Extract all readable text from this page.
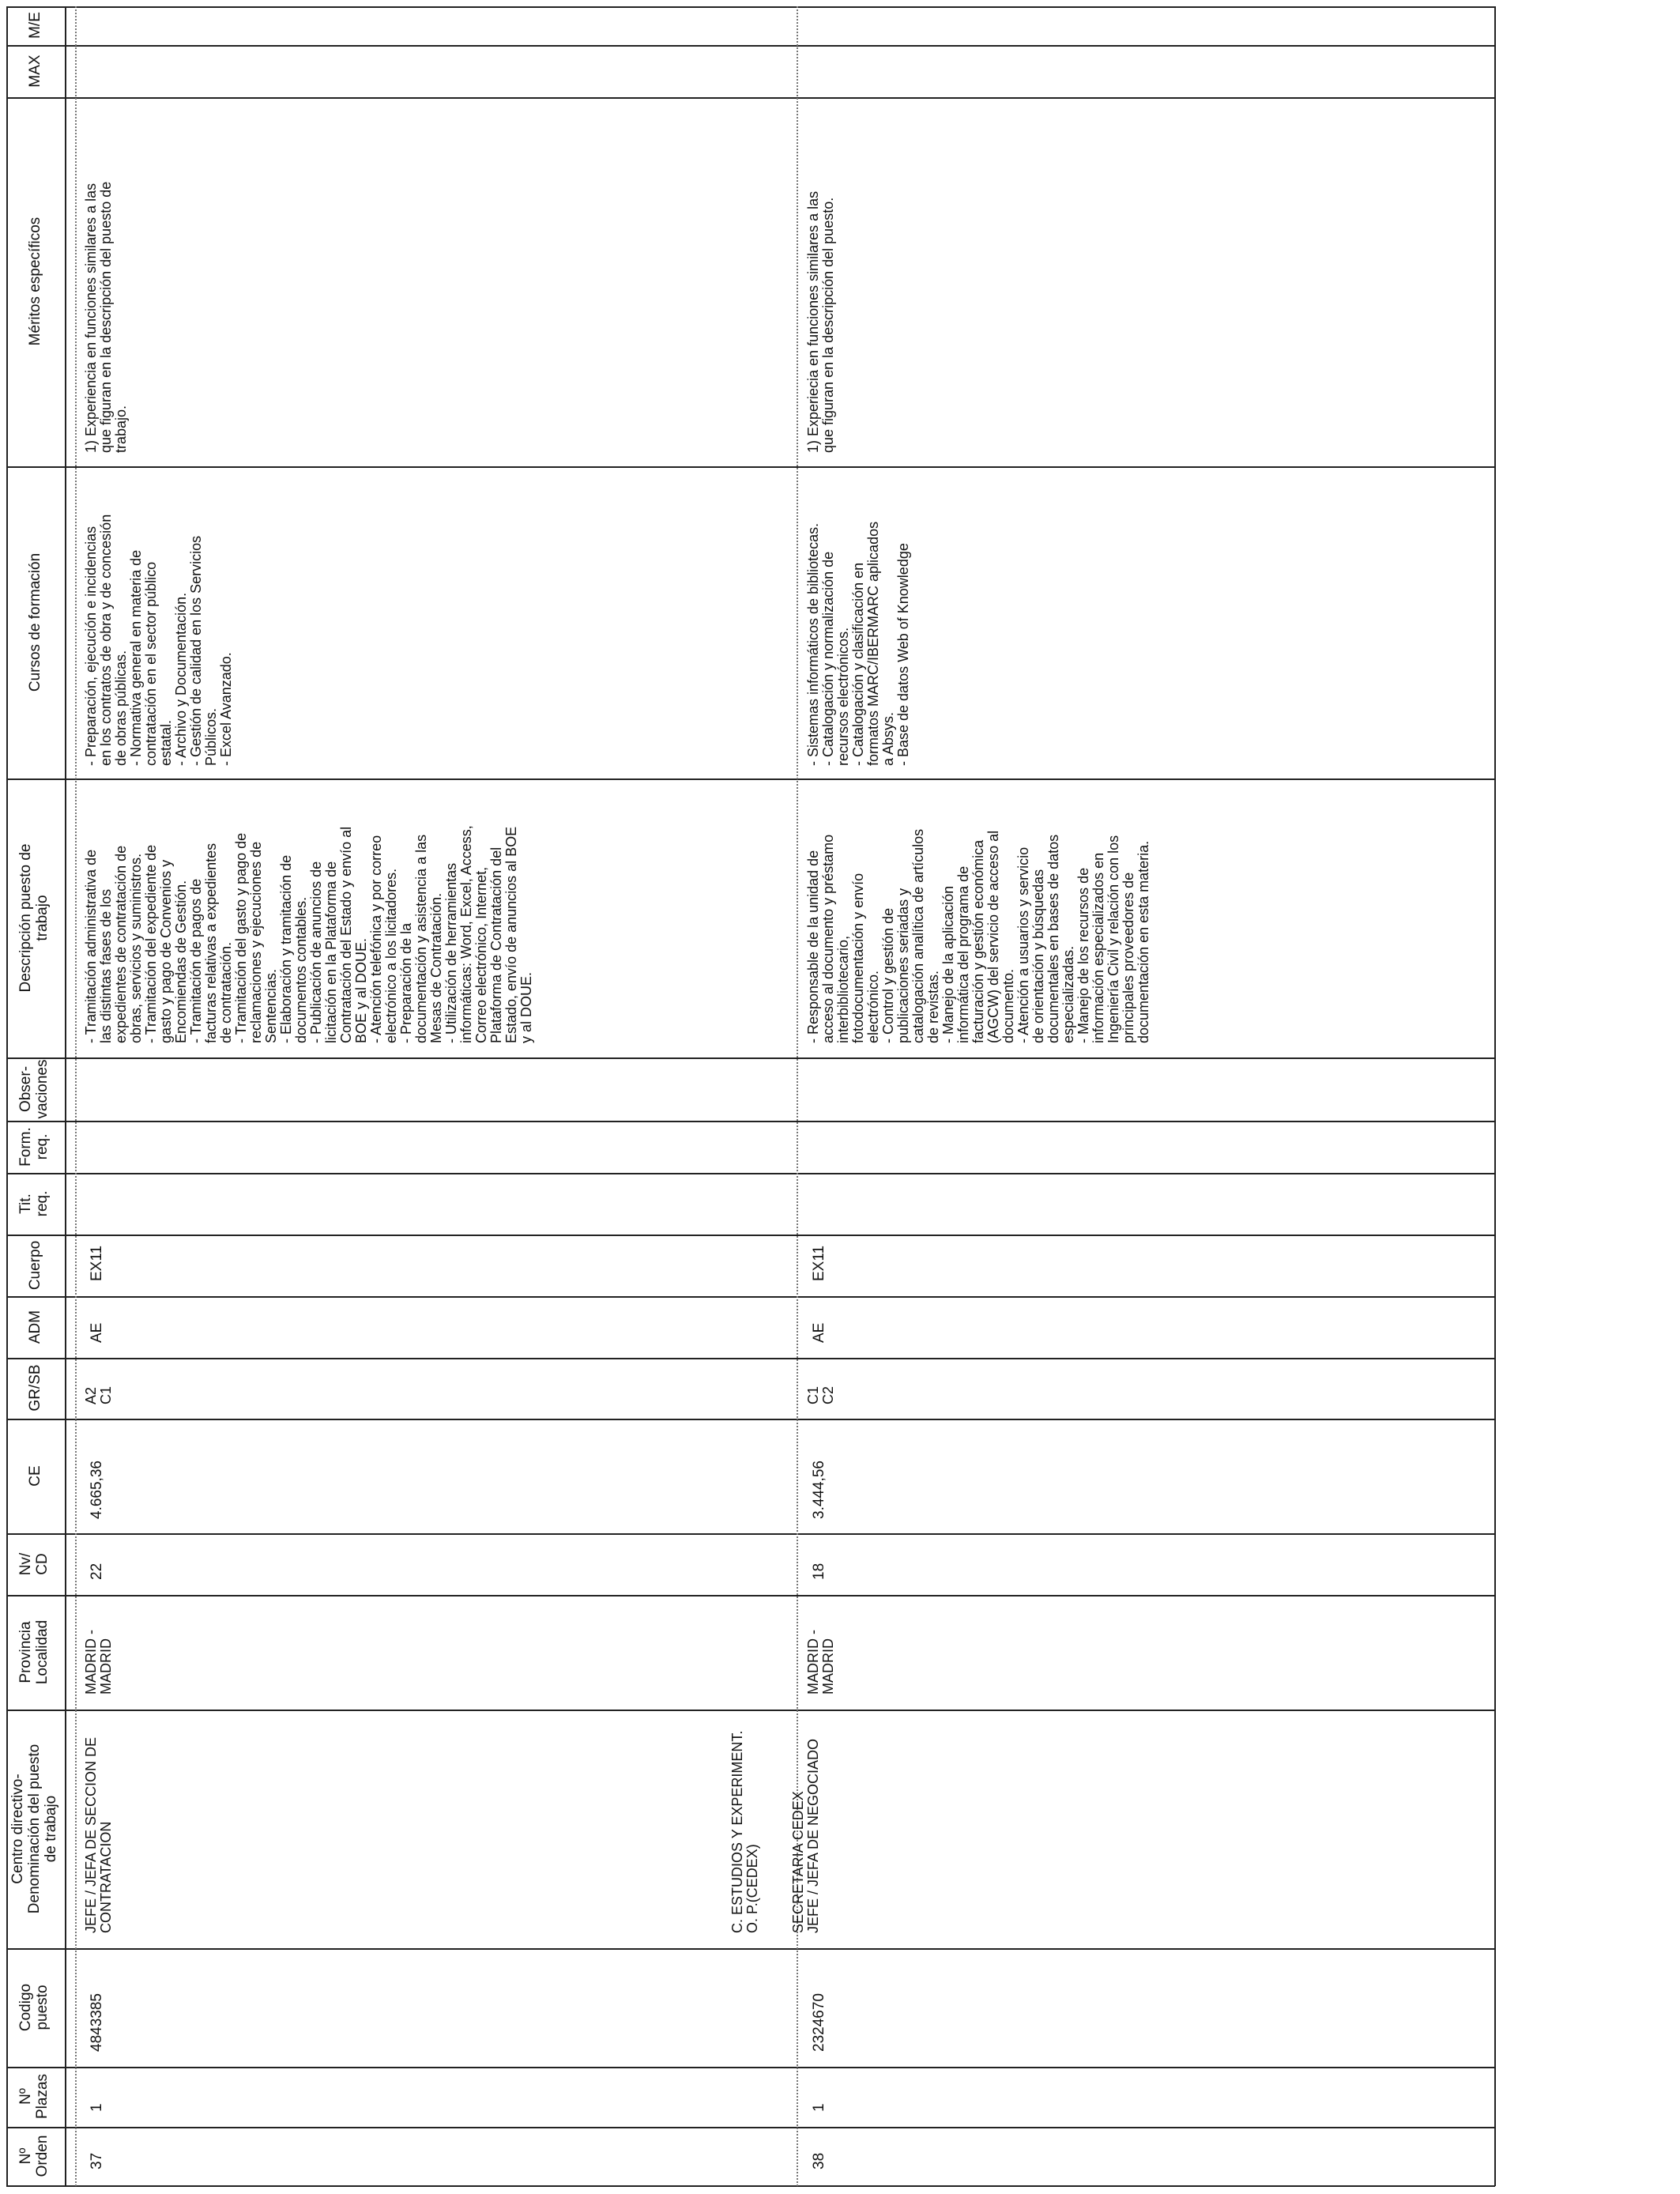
Nº Orden
Nº Plazas
Codigo puesto
Centro directivo- Denominación del puesto de trabajo
Provincia Localidad
Nv/ CD
CE
GR/SB
ADM
Cuerpo
Tit. req.
Form. req.
Obser- vaciones
Descripción puesto de trabajo
Cursos de formación
Méritos específicos
MAX
M/E
37
1
4843385
JEFE / JEFA DE SECCION DE CONTRATACION
MADRID - MADRID
22
4.665,36
A2 C1
AE
EX11
- Tramitación administrativa de las distintas fases de los expedientes de contratación de obras, servicios y suministros. - Tramitación del expediente de gasto y pago de Convenios y Encomiendas de Gestión. - Tramitación de pagos de facturas relativas a expedientes de contratación. - Tramitación del gasto y pago de reclamaciones y ejecuciones de Sentencias. - Elaboración y tramitación de documentos contables. - Publicación de anuncios de licitación en la Plataforma de Contratación del Estado y envío al BOE y al DOUE. - Atención telefónica y por correo electrónico a los licitadores. - Preparación de la documentación y asistencia a las Mesas de Contratación. - Utilización de herramientas informáticas: Word, Excel, Access, Correo electrónico, Internet, Plataforma de Contratación del Estado, envío de anuncios al BOE y al DOUE.
- Preparación, ejecución e incidencias en los contratos de obra y de concesión de obras públicas. - Normativa general en materia de contratación en el sector público estatal. - Archivo y Documentación. - Gestión de calidad en los Servicios Públicos. - Excel Avanzado.
1) Experiencia en funciones similares a las que figuran en la descripción del puesto de trabajo.
38
1
2324670
C. ESTUDIOS Y EXPERIMENT. O. P.(CEDEX) SECRETARIA CEDEX JEFE / JEFA DE NEGOCIADO
MADRID - MADRID
18
3.444,56
C1 C2
AE
EX11
- Responsable de la unidad de acceso al documento y préstamo interbibliotecario, fotodocumentación y envío electrónico. - Control y gestión de publicaciones seriadas y catalogación analítica de artículos de revistas. - Manejo de la aplicación informática del programa de facturación y gestión económica (AGCW) del servicio de acceso al documento. - Atención a usuarios y servicio de orientación y búsquedas documentales en bases de datos especializadas. - Manejo de los recursos de información especializados en Ingeniería Civil y relación con los principales proveedores de documentación en esta materia.
- Sistemas informáticos de bibliotecas. - Catalogación y normalización de recursos electrónicos. - Catalogación y clasificación en formatos MARC/IBERMARC aplicados a Absys. - Base de datos Web of Knowledge
1) Experiecia en funciones similares a las que figuran en la descripción del puesto.
